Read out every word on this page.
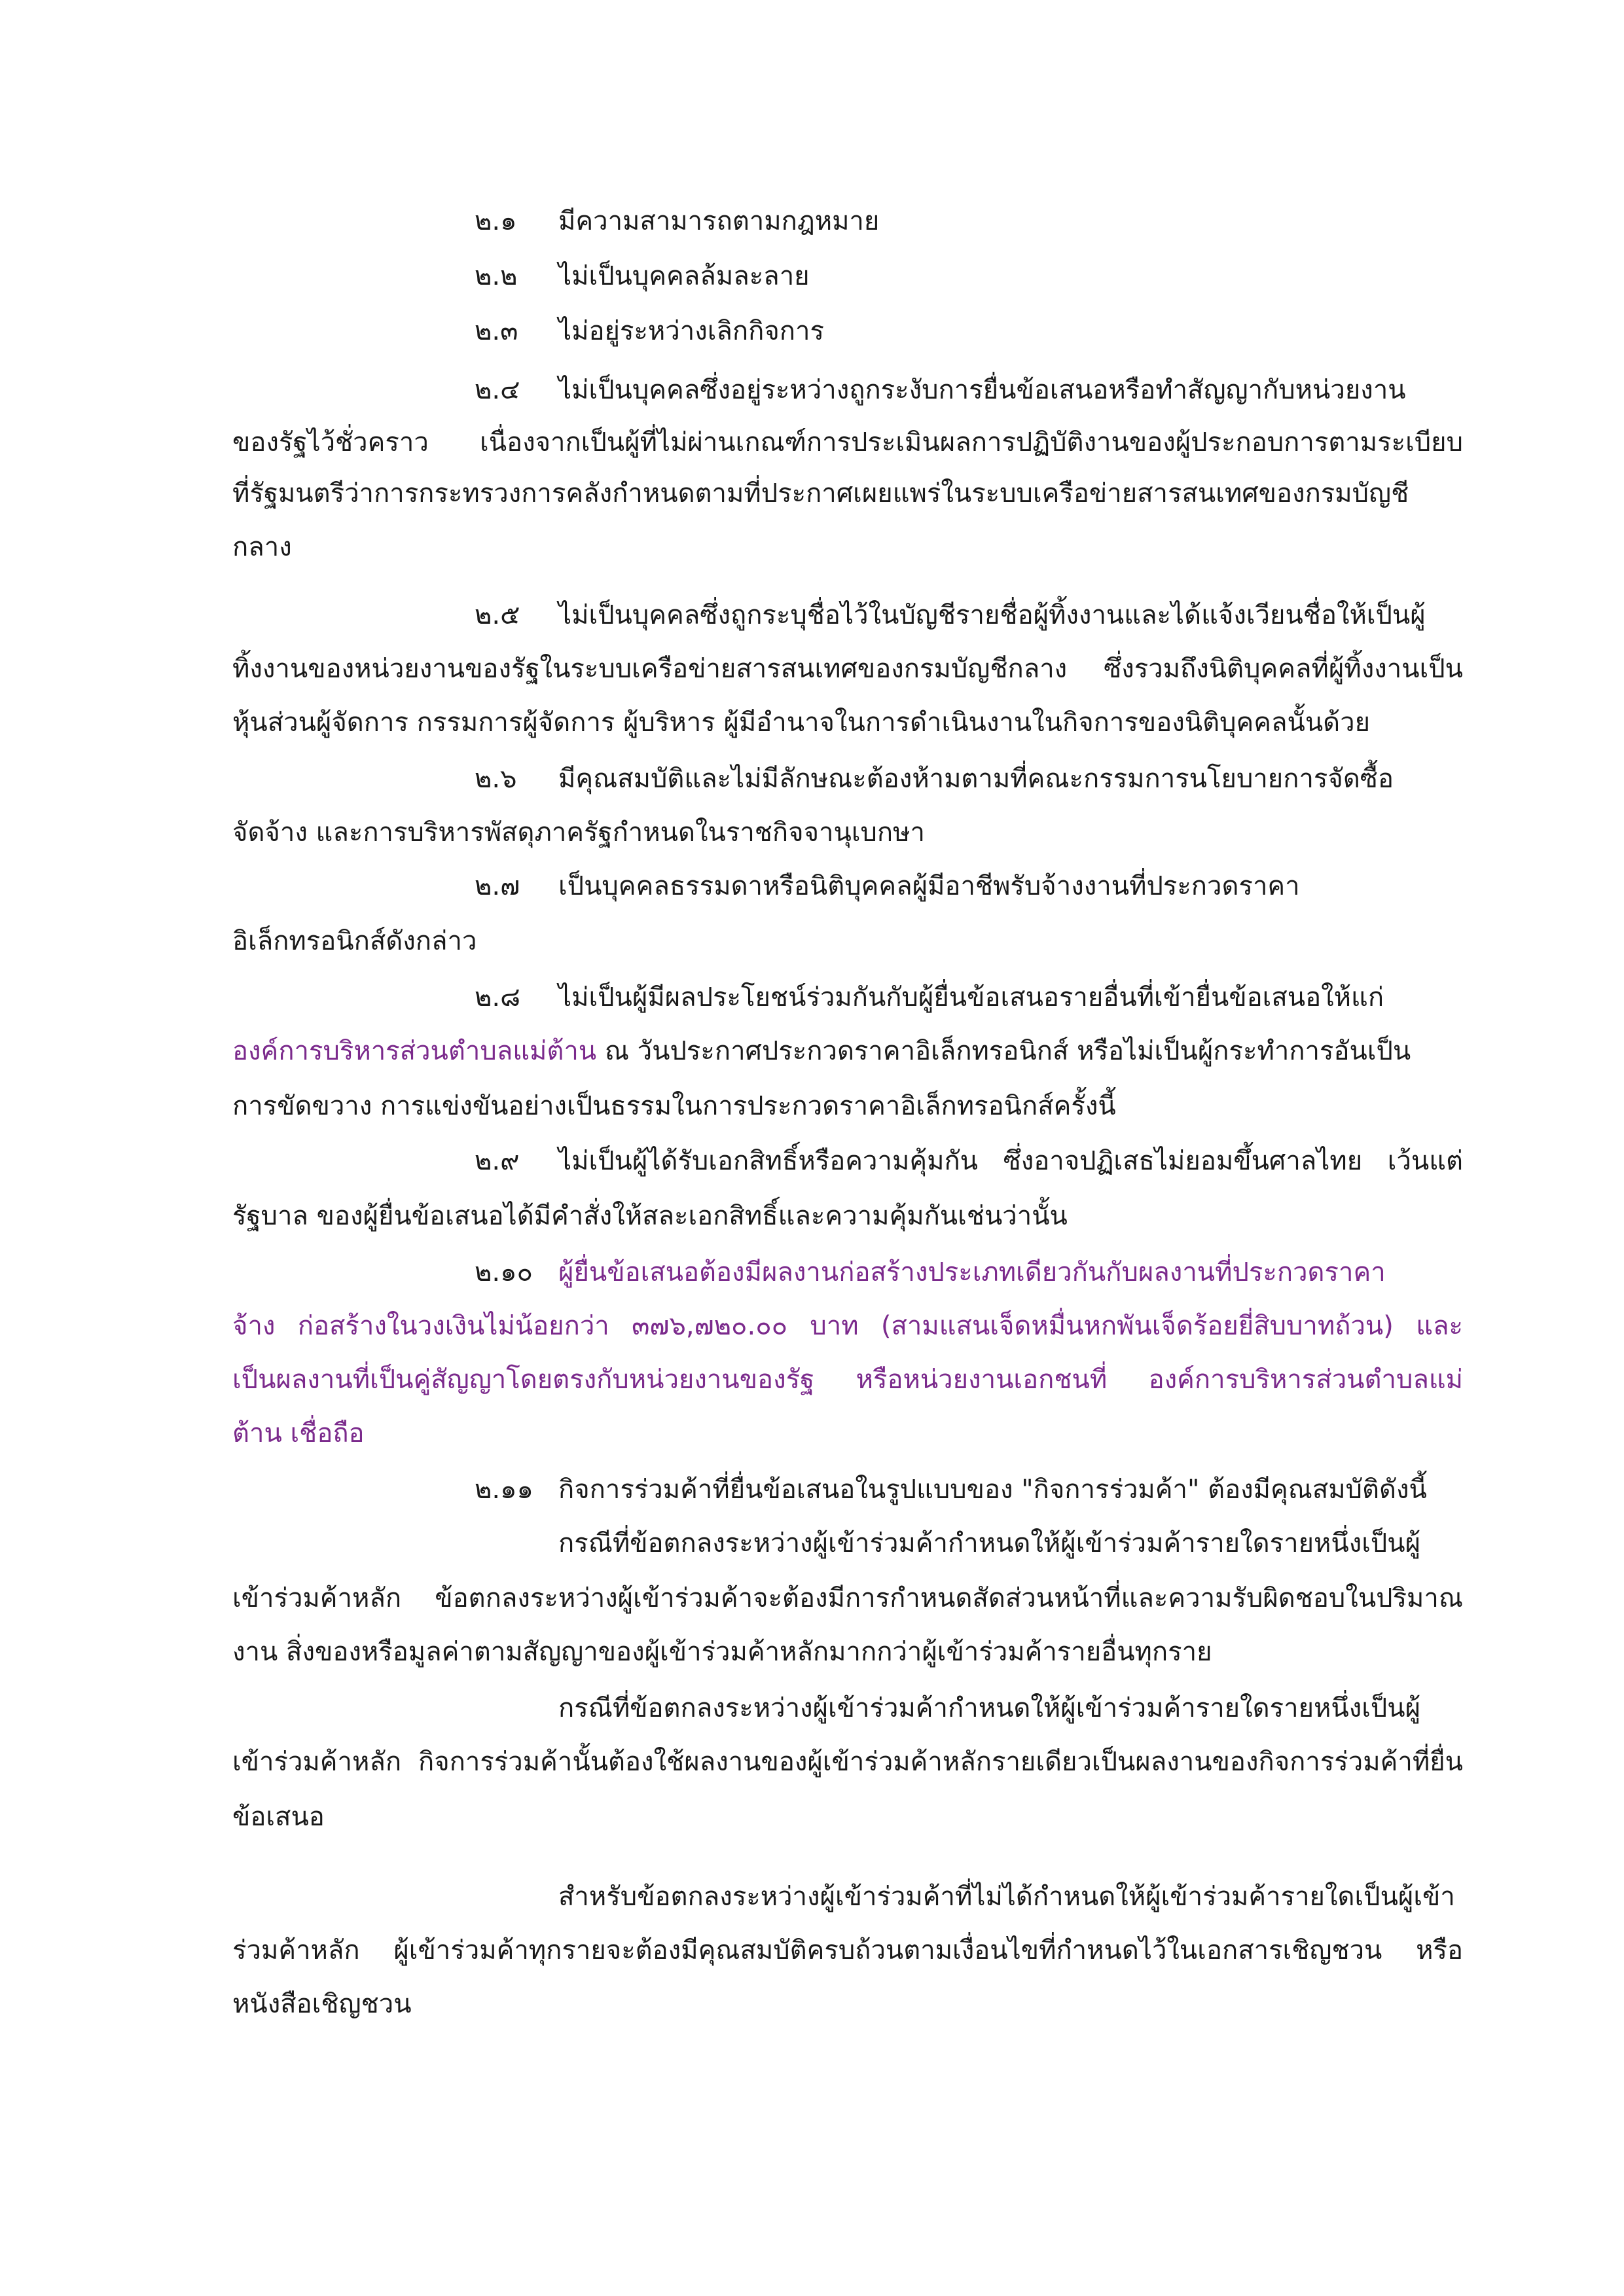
๒.๑ มีความสามารถตามกฎหมาย
๒.๒ ไม่เป็นบุคคลล้มละลาย
๒.๓ ไม่อยู่ระหว่างเลิกกิจการ
๒.๔ ไม่เป็นบุคคลซึ่งอยู่ระหว่างถูกระงับการยื่นข้อเสนอหรือทำสัญญากับหน่วยงาน
ของรัฐไว้ชั่วคราว เนื่องจากเป็นผู้ที่ไม่ผ่านเกณฑ์การประเมินผลการปฏิบัติงานของผู้ประกอบการตามระเบียบ
ที่รัฐมนตรีว่าการกระทรวงการคลังกำหนดตามที่ประกาศเผยแพร่ในระบบเครือข่ายสารสนเทศของกรมบัญชี
กลาง
๒.๕ ไม่เป็นบุคคลซึ่งถูกระบุชื่อไว้ในบัญชีรายชื่อผู้ทิ้งงานและได้แจ้งเวียนชื่อให้เป็นผู้
ทิ้งงานของหน่วยงานของรัฐในระบบเครือข่ายสารสนเทศของกรมบัญชีกลาง ซึ่งรวมถึงนิติบุคคลที่ผู้ทิ้งงานเป็น
หุ้นส่วนผู้จัดการ กรรมการผู้จัดการ ผู้บริหาร ผู้มีอำนาจในการดำเนินงานในกิจการของนิติบุคคลนั้นด้วย
๒.๖ มีคุณสมบัติและไม่มีลักษณะต้องห้ามตามที่คณะกรรมการนโยบายการจัดซื้อ
จัดจ้าง และการบริหารพัสดุภาครัฐกำหนดในราชกิจจานุเบกษา
๒.๗ เป็นบุคคลธรรมดาหรือนิติบุคคลผู้มีอาชีพรับจ้างงานที่ประกวดราคา
อิเล็กทรอนิกส์ดังกล่าว
๒.๘ ไม่เป็นผู้มีผลประโยชน์ร่วมกันกับผู้ยื่นข้อเสนอรายอื่นที่เข้ายื่นข้อเสนอให้แก่
องค์การบริหารส่วนตำบลแม่ต้าน ณ วันประกาศประกวดราคาอิเล็กทรอนิกส์ หรือไม่เป็นผู้กระทำการอันเป็น
การขัดขวาง การแข่งขันอย่างเป็นธรรมในการประกวดราคาอิเล็กทรอนิกส์ครั้งนี้
๒.๙ ไม่เป็นผู้ได้รับเอกสิทธิ์หรือความคุ้มกัน ซึ่งอาจปฏิเสธไม่ยอมขึ้นศาลไทย เว้นแต่
รัฐบาล ของผู้ยื่นข้อเสนอได้มีคำสั่งให้สละเอกสิทธิ์และความคุ้มกันเช่นว่านั้น
๒.๑๐ ผู้ยื่นข้อเสนอต้องมีผลงานก่อสร้างประเภทเดียวกันกับผลงานที่ประกวดราคา
จ้าง ก่อสร้างในวงเงินไม่น้อยกว่า ๓๗๖,๗๒๐.๐๐ บาท (สามแสนเจ็ดหมื่นหกพันเจ็ดร้อยยี่สิบบาทถ้วน) และ
เป็นผลงานที่เป็นคู่สัญญาโดยตรงกับหน่วยงานของรัฐ หรือหน่วยงานเอกชนที่ องค์การบริหารส่วนตำบลแม่
ต้าน เชื่อถือ
๒.๑๑ กิจการร่วมค้าที่ยื่นข้อเสนอในรูปแบบของ "กิจการร่วมค้า" ต้องมีคุณสมบัติดังนี้
กรณีที่ข้อตกลงระหว่างผู้เข้าร่วมค้ากำหนดให้ผู้เข้าร่วมค้ารายใดรายหนึ่งเป็นผู้
เข้าร่วมค้าหลัก ข้อตกลงระหว่างผู้เข้าร่วมค้าจะต้องมีการกำหนดสัดส่วนหน้าที่และความรับผิดชอบในปริมาณ
งาน สิ่งของหรือมูลค่าตามสัญญาของผู้เข้าร่วมค้าหลักมากกว่าผู้เข้าร่วมค้ารายอื่นทุกราย
กรณีที่ข้อตกลงระหว่างผู้เข้าร่วมค้ากำหนดให้ผู้เข้าร่วมค้ารายใดรายหนึ่งเป็นผู้
เข้าร่วมค้าหลัก กิจการร่วมค้านั้นต้องใช้ผลงานของผู้เข้าร่วมค้าหลักรายเดียวเป็นผลงานของกิจการร่วมค้าที่ยื่น
ข้อเสนอ
สำหรับข้อตกลงระหว่างผู้เข้าร่วมค้าที่ไม่ได้กำหนดให้ผู้เข้าร่วมค้ารายใดเป็นผู้เข้า
ร่วมค้าหลัก ผู้เข้าร่วมค้าทุกรายจะต้องมีคุณสมบัติครบถ้วนตามเงื่อนไขที่กำหนดไว้ในเอกสารเชิญชวน หรือ
หนังสือเชิญชวน
